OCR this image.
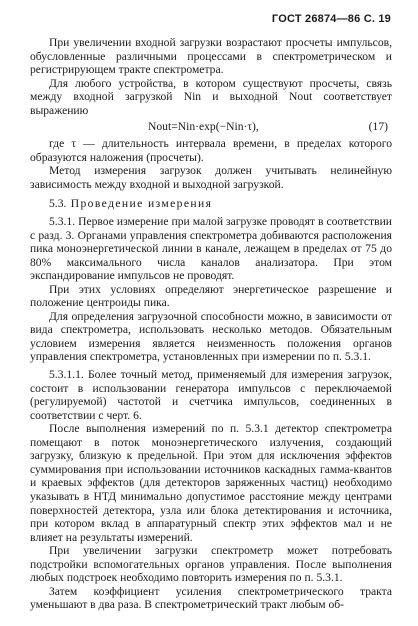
ГОСТ 26874—86 С. 19

При увеличении входной загрузки возрастают просчеты импульсов, обусловленные различными процессами в спектрометрическом и регистрирующем тракте спектрометра.

Для любого устройства, в котором существуют просчеты, связь между входной загрузкой Nin и выходной Nout соответствует выражению

Nout=Nin·exp(−Nin·τ),	(17)

где τ — длительность интервала времени, в пределах которого образуются наложения (просчеты).

Метод измерения загрузок должен учитывать нелинейную зависимость между входной и выходной загрузкой.

5.3. Проведение измерения

5.3.1. Первое измерение при малой загрузке проводят в соответствии с разд. 3. Органами управления спектрометра добиваются расположения пика моноэнергетической линии в канале, лежащем в пределах от 75 до 80% максимального числа каналов анализатора. При этом экспандирование импульсов не проводят.

При этих условиях определяют энергетическое разрешение и положение центроиды пика.

Для определения загрузочной способности можно, в зависимости от вида спектрометра, использовать несколько методов. Обязательным условием измерения является неизменность положения органов управления спектрометра, установленных при измерении по п. 5.3.1.

5.3.1.1. Более точный метод, применяемый для измерения загрузок, состоит в использовании генератора импульсов с переключаемой (регулируемой) частотой и счетчика импульсов, соединенных в соответствии с черт. 6.

После выполнения измерений по п. 5.3.1 детектор спектрометра помещают в поток моноэнергетического излучения, создающий загрузку, близкую к предельной. При этом для исключения эффектов суммирования при использовании источников каскадных гамма-квантов и краевых эффектов (для детекторов заряженных частиц) необходимо указывать в НТД минимально допустимое расстояние между центрами поверхностей детектора, узла или блока детектирования и источника, при котором вклад в аппаратурный спектр этих эффектов мал и не влияет на результаты измерений.

При увеличении загрузки спектрометр может потребовать подстройки вспомогательных органов управления. После выполнения любых подстроек необходимо повторить измерения по п. 5.3.1.

Затем коэффициент усиления спектрометрического тракта уменьшают в два раза. В спектрометрический тракт любым об-
